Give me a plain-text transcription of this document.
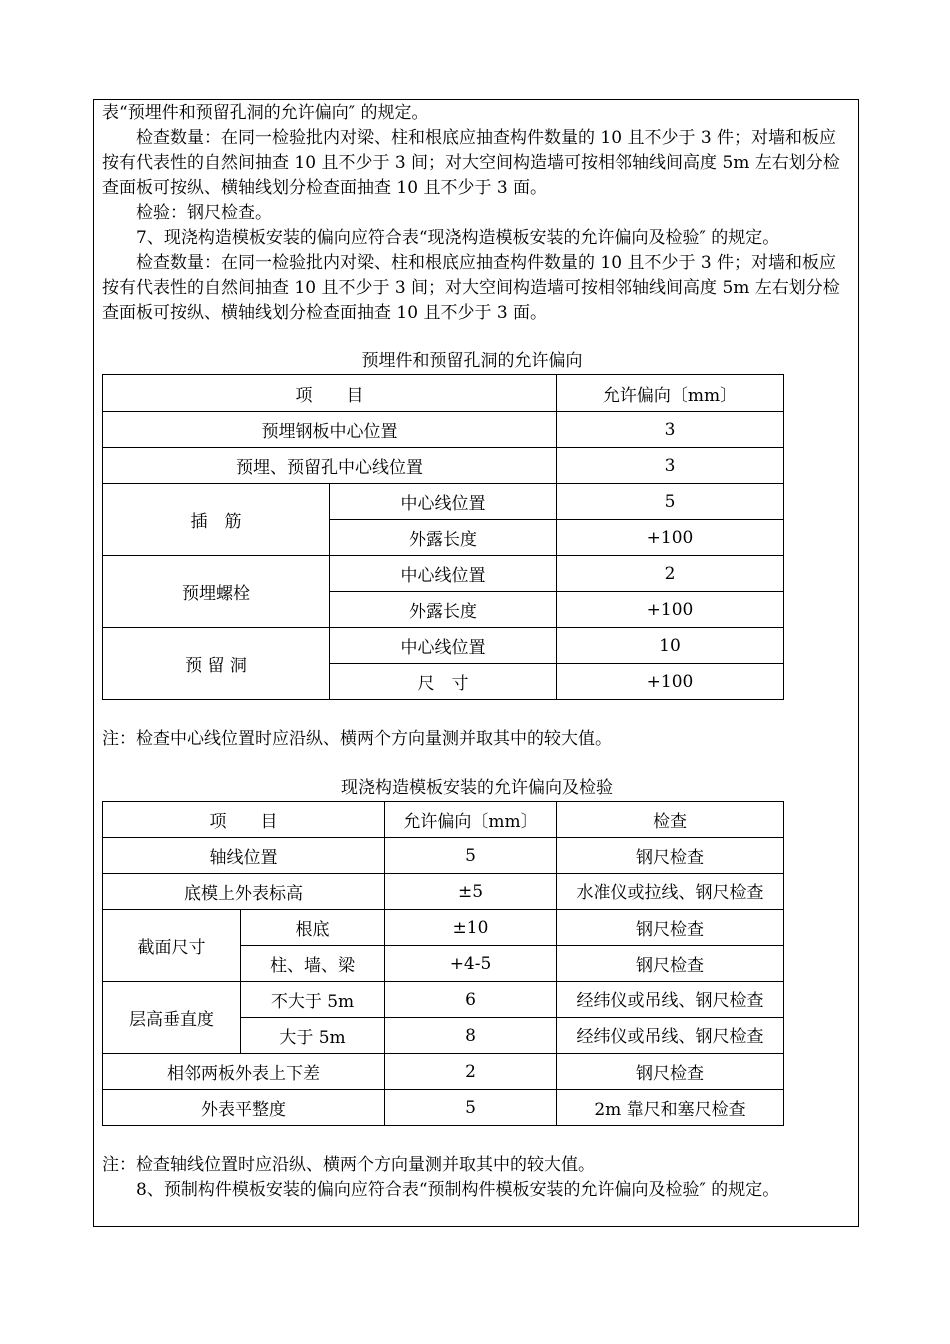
表“预埋件和预留孔洞的允许偏向″ 的规定。

检查数量：在同一检验批内对梁、柱和根底应抽查构件数量的 10 且不少于 3 件；对墙和板应按有代表性的自然间抽查 10 且不少于 3 间；对大空间构造墙可按相邻轴线间高度 5m 左右划分检查面板可按纵、横轴线划分检查面抽查 10 且不少于 3 面。

检验：钢尺检查。

7、现浇构造模板安装的偏向应符合表“现浇构造模板安装的允许偏向及检验″ 的规定。

检查数量：在同一检验批内对梁、柱和根底应抽查构件数量的 10 且不少于 3 件；对墙和板应按有代表性的自然间抽查 10 且不少于 3 间；对大空间构造墙可按相邻轴线间高度 5m 左右划分检查面板可按纵、横轴线划分检查面抽查 10 且不少于 3 面。

预埋件和预留孔洞的允许偏向
项　　目		允许偏向〔mm〕
预埋钢板中心位置		3
预埋、预留孔中心线位置		3
插　筋	中心线位置	5
	外露长度	+100
预埋螺栓	中心线位置	2
	外露长度	+100
预 留 洞	中心线位置	10
	尺　寸	+100
注：检查中心线位置时应沿纵、横两个方向量测并取其中的较大值。
现浇构造模板安装的允许偏向及检验
项　　目		允许偏向〔mm〕	检查
轴线位置		5	钢尺检查
底模上外表标高		±5	水准仪或拉线、钢尺检查

截面尺寸	根底	±10	钢尺检查
	柱、墙、梁	+4-5	钢尺检查
层高垂直度	不大于 5m	6	经纬仪或吊线、钢尺检查

	大于 5m	8	经纬仪或吊线、钢尺检查

相邻两板外表上下差		2	钢尺检查
外表平整度		5	2m 靠尺和塞尺检查
注：检查轴线位置时应沿纵、横两个方向量测并取其中的较大值。

8、预制构件模板安装的偏向应符合表“预制构件模板安装的允许偏向及检验″ 的规定。
